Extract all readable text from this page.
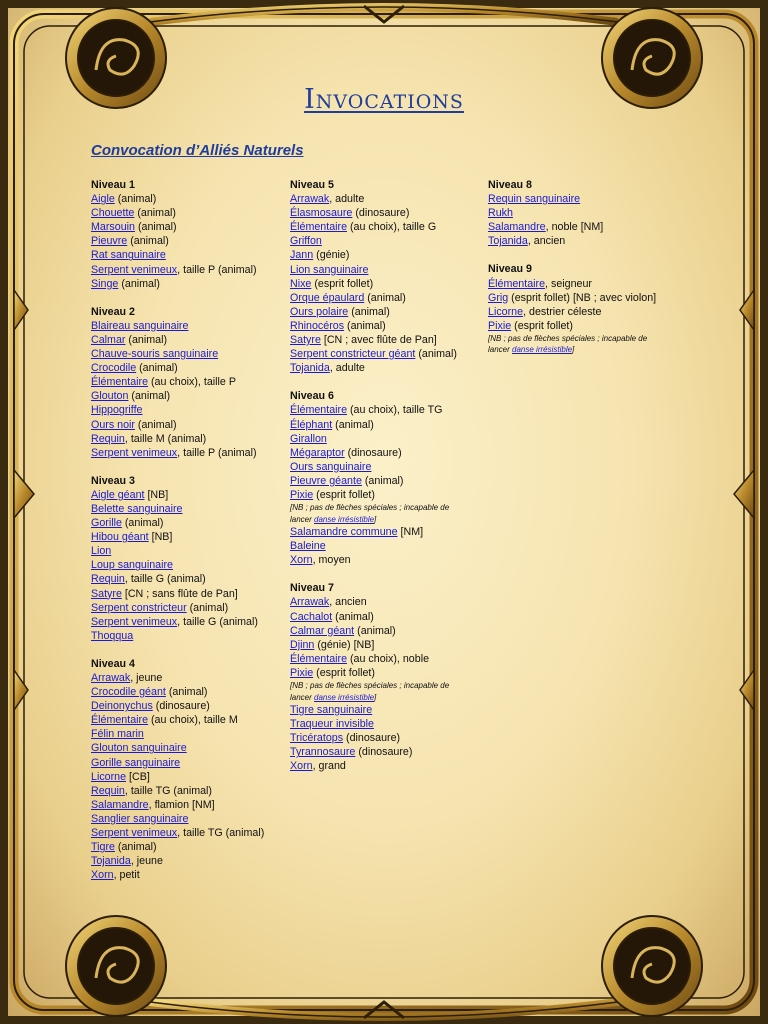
Invocations
Convocation d’Alliés Naturels
Niveau 1
Aigle (animal)
Chouette (animal)
Marsouin (animal)
Pieuvre (animal)
Rat sanguinaire
Serpent venimeux, taille P (animal)
Singe (animal)
Niveau 2
Blaireau sanguinaire
Calmar (animal)
Chauve-souris sanguinaire
Crocodile (animal)
Élémentaire (au choix), taille P
Glouton (animal)
Hippogriffe
Ours noir (animal)
Requin, taille M (animal)
Serpent venimeux, taille P (animal)
Niveau 3
Aigle géant [NB]
Belette sanguinaire
Gorille (animal)
Hibou géant [NB]
Lion
Loup sanguinaire
Requin, taille G (animal)
Satyre [CN ; sans flûte de Pan]
Serpent constricteur (animal)
Serpent venimeux, taille G (animal)
Thoqqua
Niveau 4
Arrawak, jeune
Crocodile géant (animal)
Deinonychus (dinosaure)
Élémentaire (au choix), taille M
Félin marin
Glouton sanguinaire
Gorille sanguinaire
Licorne [CB]
Requin, taille TG (animal)
Salamandre, flamion [NM]
Sanglier sanguinaire
Serpent venimeux, taille TG (animal)
Tigre (animal)
Tojanida, jeune
Xorn, petit
Niveau 5
Arrawak, adulte
Élasmosaure (dinosaure)
Élémentaire (au choix), taille G
Griffon
Jann (génie)
Lion sanguinaire
Nixe (esprit follet)
Orque épaulard (animal)
Ours polaire (animal)
Rhinocéros (animal)
Satyre [CN ; avec flûte de Pan]
Serpent constricteur géant (animal)
Tojanida, adulte
Niveau 6
Élémentaire (au choix), taille TG
Éléphant (animal)
Girallon
Mégaraptor (dinosaure)
Ours sanguinaire
Pieuvre géante (animal)
Pixie (esprit follet)
[NB ; pas de flèches spéciales ; incapable de
lancer danse irrésistible]
Salamandre commune [NM]
Baleine
Xorn, moyen
Niveau 7
Arrawak, ancien
Cachalot (animal)
Calmar géant (animal)
Djinn (génie) [NB]
Élémentaire (au choix), noble
Pixie (esprit follet)
[NB ; pas de flèches spéciales ; incapable de
lancer danse irrésistible]
Tigre sanguinaire
Traqueur invisible
Tricératops (dinosaure)
Tyrannosaure (dinosaure)
Xorn, grand
Niveau 8
Requin sanguinaire
Rukh
Salamandre, noble [NM]
Tojanida, ancien
Niveau 9
Élémentaire, seigneur
Grig (esprit follet) [NB ; avec violon]
Licorne, destrier céleste
Pixie (esprit follet)
[NB ; pas de flèches spéciales ; incapable de
lancer danse irrésistible]
